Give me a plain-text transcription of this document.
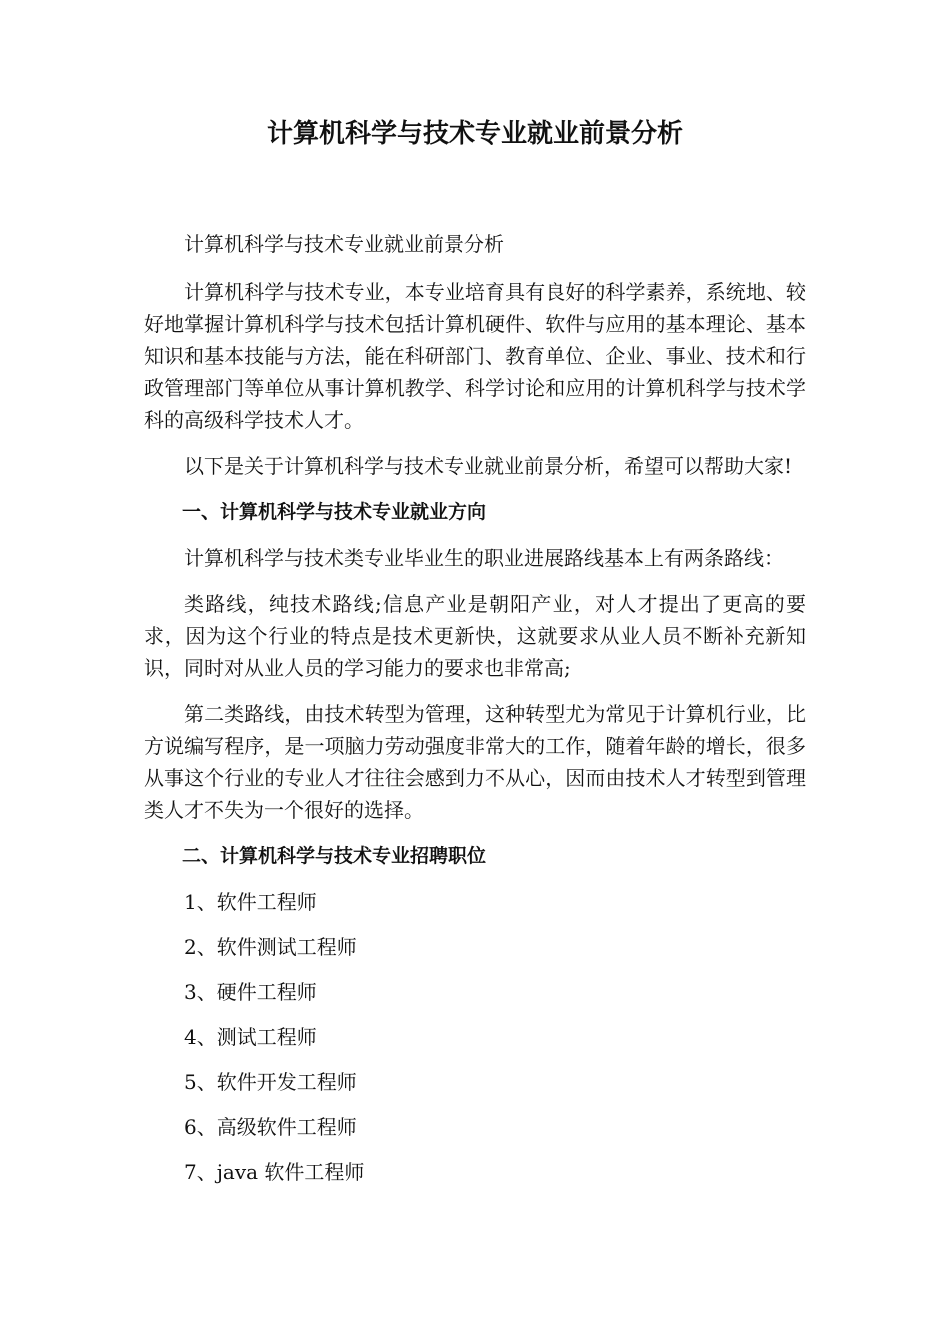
计算机科学与技术专业就业前景分析

计算机科学与技术专业就业前景分析

计算机科学与技术专业，本专业培育具有良好的科学素养，系统地、较好地掌握计算机科学与技术包括计算机硬件、软件与应用的基本理论、基本知识和基本技能与方法，能在科研部门、教育单位、企业、事业、技术和行政管理部门等单位从事计算机教学、科学讨论和应用的计算机科学与技术学科的高级科学技术人才。

以下是关于计算机科学与技术专业就业前景分析，希望可以帮助大家!

一、计算机科学与技术专业就业方向

计算机科学与技术类专业毕业生的职业进展路线基本上有两条路线：

类路线，纯技术路线;信息产业是朝阳产业，对人才提出了更高的要求，因为这个行业的特点是技术更新快，这就要求从业人员不断补充新知识，同时对从业人员的学习能力的要求也非常高;

第二类路线，由技术转型为管理，这种转型尤为常见于计算机行业，比方说编写程序，是一项脑力劳动强度非常大的工作，随着年龄的增长，很多从事这个行业的专业人才往往会感到力不从心，因而由技术人才转型到管理类人才不失为一个很好的选择。

二、计算机科学与技术专业招聘职位
1、软件工程师
2、软件测试工程师
3、硬件工程师
4、测试工程师
5、软件开发工程师
6、高级软件工程师
7、java 软件工程师
